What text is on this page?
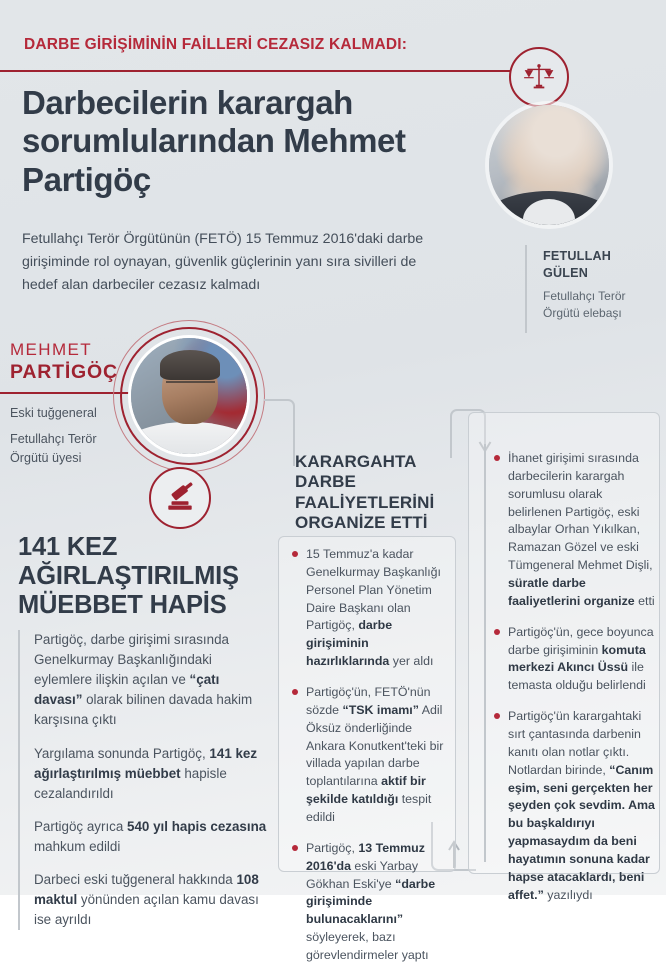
DARBE GİRİŞİMİNİN FAİLLERİ CEZASIZ KALMADI:
Darbecilerin karargah sorumlularından Mehmet Partigöç

Fetullahçı Terör Örgütünün (FETÖ) 15 Temmuz 2016'daki darbe girişiminde rol oynayan, güvenlik güçlerinin yanı sıra sivilleri de hedef alan darbeciler cezasız kalmadı

FETULLAH
GÜLEN
Fetullahçı Terör
Örgütü elebaşı
MEHMET
PARTİGÖÇ

Eski tuğgeneral

Fetullahçı Terör Örgütü üyesi

141 KEZ AĞIRLAŞTIRILMIŞ MÜEBBET HAPİS
Partigöç, darbe girişimi sırasında Genelkurmay Başkanlığındaki eylemlere ilişkin açılan ve “çatı davası” olarak bilinen davada hakim karşısına çıktı
Yargılama sonunda Partigöç, 141 kez ağırlaştırılmış müebbet hapisle cezalandırıldı
Partigöç ayrıca 540 yıl hapis cezasına mahkum edildi
Darbeci eski tuğgeneral hakkında 108 maktul yönünden açılan kamu davası ise ayrıldı
KARARGAHTA DARBE FAALİYETLERİNİ ORGANİZE ETTİ
15 Temmuz'a kadar Genelkurmay Başkanlığı Personel Plan Yönetim Daire Başkanı olan Partigöç, darbe girişiminin hazırlıklarında yer aldı
Partigöç'ün, FETÖ'nün sözde “TSK imamı” Adil Öksüz önderliğinde Ankara Konutkent'teki bir villada yapılan darbe toplantılarına aktif bir şekilde katıldığı tespit edildi
Partigöç, 13 Temmuz 2016'da eski Yarbay Gökhan Eski'ye “darbe girişiminde bulunacaklarını” söyleyerek, bazı görevlendirmeler yaptı
İhanet girişimi sırasında darbecilerin karargah sorumlusu olarak belirlenen Partigöç, eski albaylar Orhan Yıkılkan, Ramazan Gözel ve eski Tümgeneral Mehmet Dişli, süratle darbe faaliyetlerini organize etti
Partigöç'ün, gece boyunca darbe girişiminin komuta merkezi Akıncı Üssü ile temasta olduğu belirlendi
Partigöç'ün karargahtaki sırt çantasında darbenin kanıtı olan notlar çıktı. Notlardan birinde, “Canım eşim, seni gerçekten her şeyden çok sevdim. Ama bu başkaldırıyı yapmasaydım da beni hayatımın sonuna kadar hapse atacaklardı, beni affet.” yazılıydı
